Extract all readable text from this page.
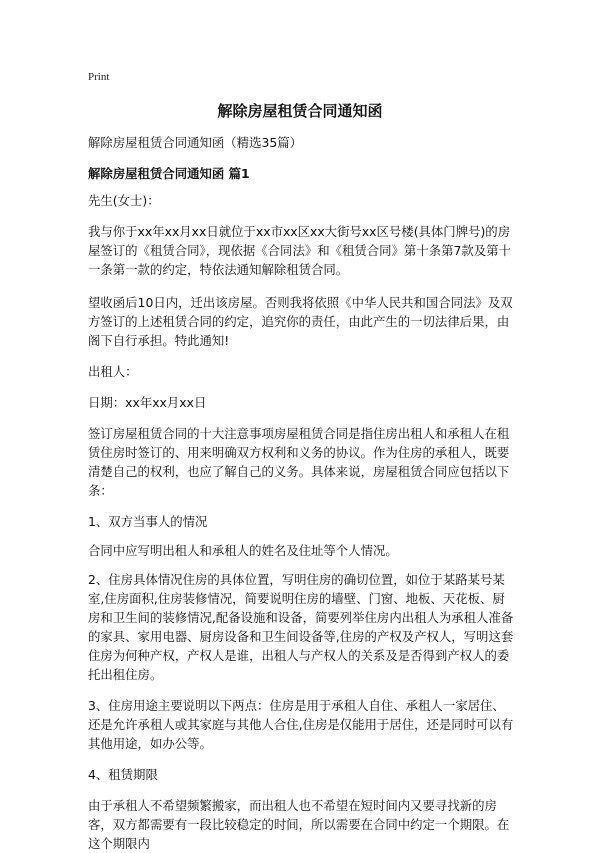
Print
解除房屋租赁合同通知函

解除房屋租赁合同通知函（精选35篇）

解除房屋租赁合同通知函 篇1

先生(女士)：

我与你于xx年xx月xx日就位于xx市xx区xx大街号xx区号楼(具体门牌号)的房屋签订的《租赁合同》，现依据《合同法》和《租赁合同》第十条第7款及第十一条第一款的约定，特依法通知解除租赁合同。

望收函后10日内，迁出该房屋。否则我将依照《中华人民共和国合同法》及双方签订的上述租赁合同的约定，追究你的责任，由此产生的一切法律后果，由阁下自行承担。特此通知!

出租人：

日期：xx年xx月xx日

签订房屋租赁合同的十大注意事项房屋租赁合同是指住房出租人和承租人在租赁住房时签订的、用来明确双方权利和义务的协议。作为住房的承租人，既要清楚自己的权利，也应了解自己的义务。具体来说，房屋租赁合同应包括以下条：

1、双方当事人的情况

合同中应写明出租人和承租人的姓名及住址等个人情况。

2、住房具体情况住房的具体位置，写明住房的确切位置，如位于某路某号某室,住房面积,住房装修情况，简要说明住房的墙壁、门窗、地板、天花板、厨房和卫生间的装修情况,配备设施和设备，简要列举住房内出租人为承租人准备的家具、家用电器、厨房设备和卫生间设备等,住房的产权及产权人，写明这套住房为何种产权，产权人是谁，出租人与产权人的关系及是否得到产权人的委托出租住房。

3、住房用途主要说明以下两点：住房是用于承租人自住、承租人一家居住、还是允许承租人或其家庭与其他人合住,住房是仅能用于居住，还是同时可以有其他用途，如办公等。

4、租赁期限

由于承租人不希望频繁搬家，而出租人也不希望在短时间内又要寻找新的房客，双方都需要有一段比较稳定的时间，所以需要在合同中约定一个期限。在这个期限内
